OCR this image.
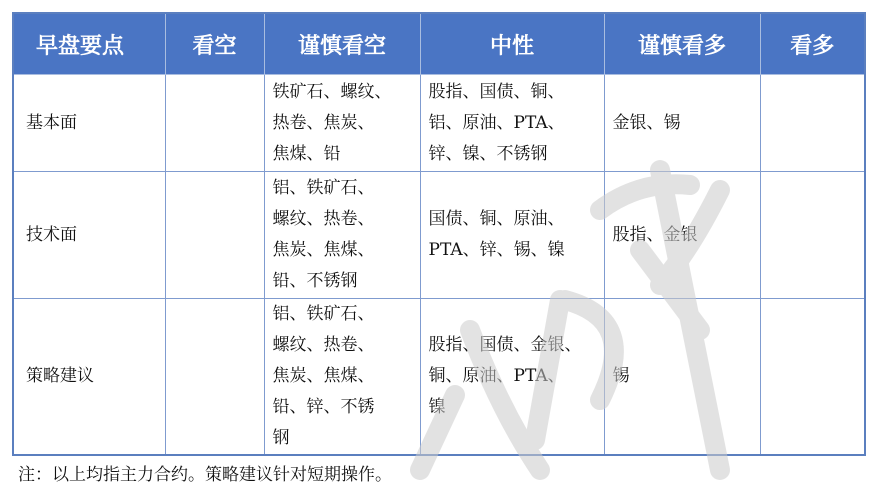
早盘要点	看空	谨慎看空	中性	谨慎看多	看多
基本面		铁矿石、螺纹、
热卷、焦炭、
焦煤、铅	股指、国债、铜、
铝、原油、PTA、
锌、镍、不锈钢	金银、锡	

技术面		铝、铁矿石、
螺纹、热卷、
焦炭、焦煤、
铅、不锈钢	国债、铜、原油、
PTA、锌、锡、镍	股指、金银	

策略建议		铝、铁矿石、
螺纹、热卷、
焦炭、焦煤、
铅、锌、不锈
钢	股指、国债、金银、
铜、原油、PTA、
镍	锡	

注：以上均指主力合约。策略建议针对短期操作。
